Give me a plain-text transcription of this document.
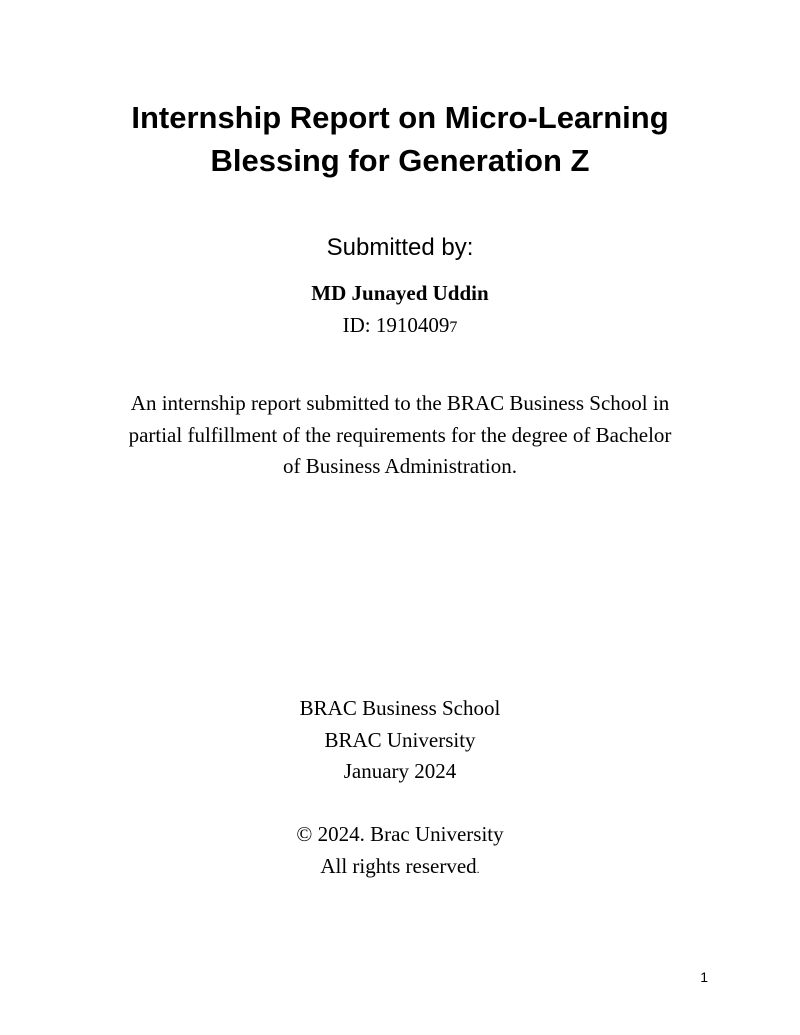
Internship Report on Micro-Learning
Blessing for Generation Z
Submitted by:
MD Junayed Uddin
ID: 19104097
An internship report submitted to the BRAC Business School in
partial fulfillment of the requirements for the degree of Bachelor
of Business Administration.
BRAC Business School
BRAC University
January 2024
© 2024. Brac University
All rights reserved.
1
